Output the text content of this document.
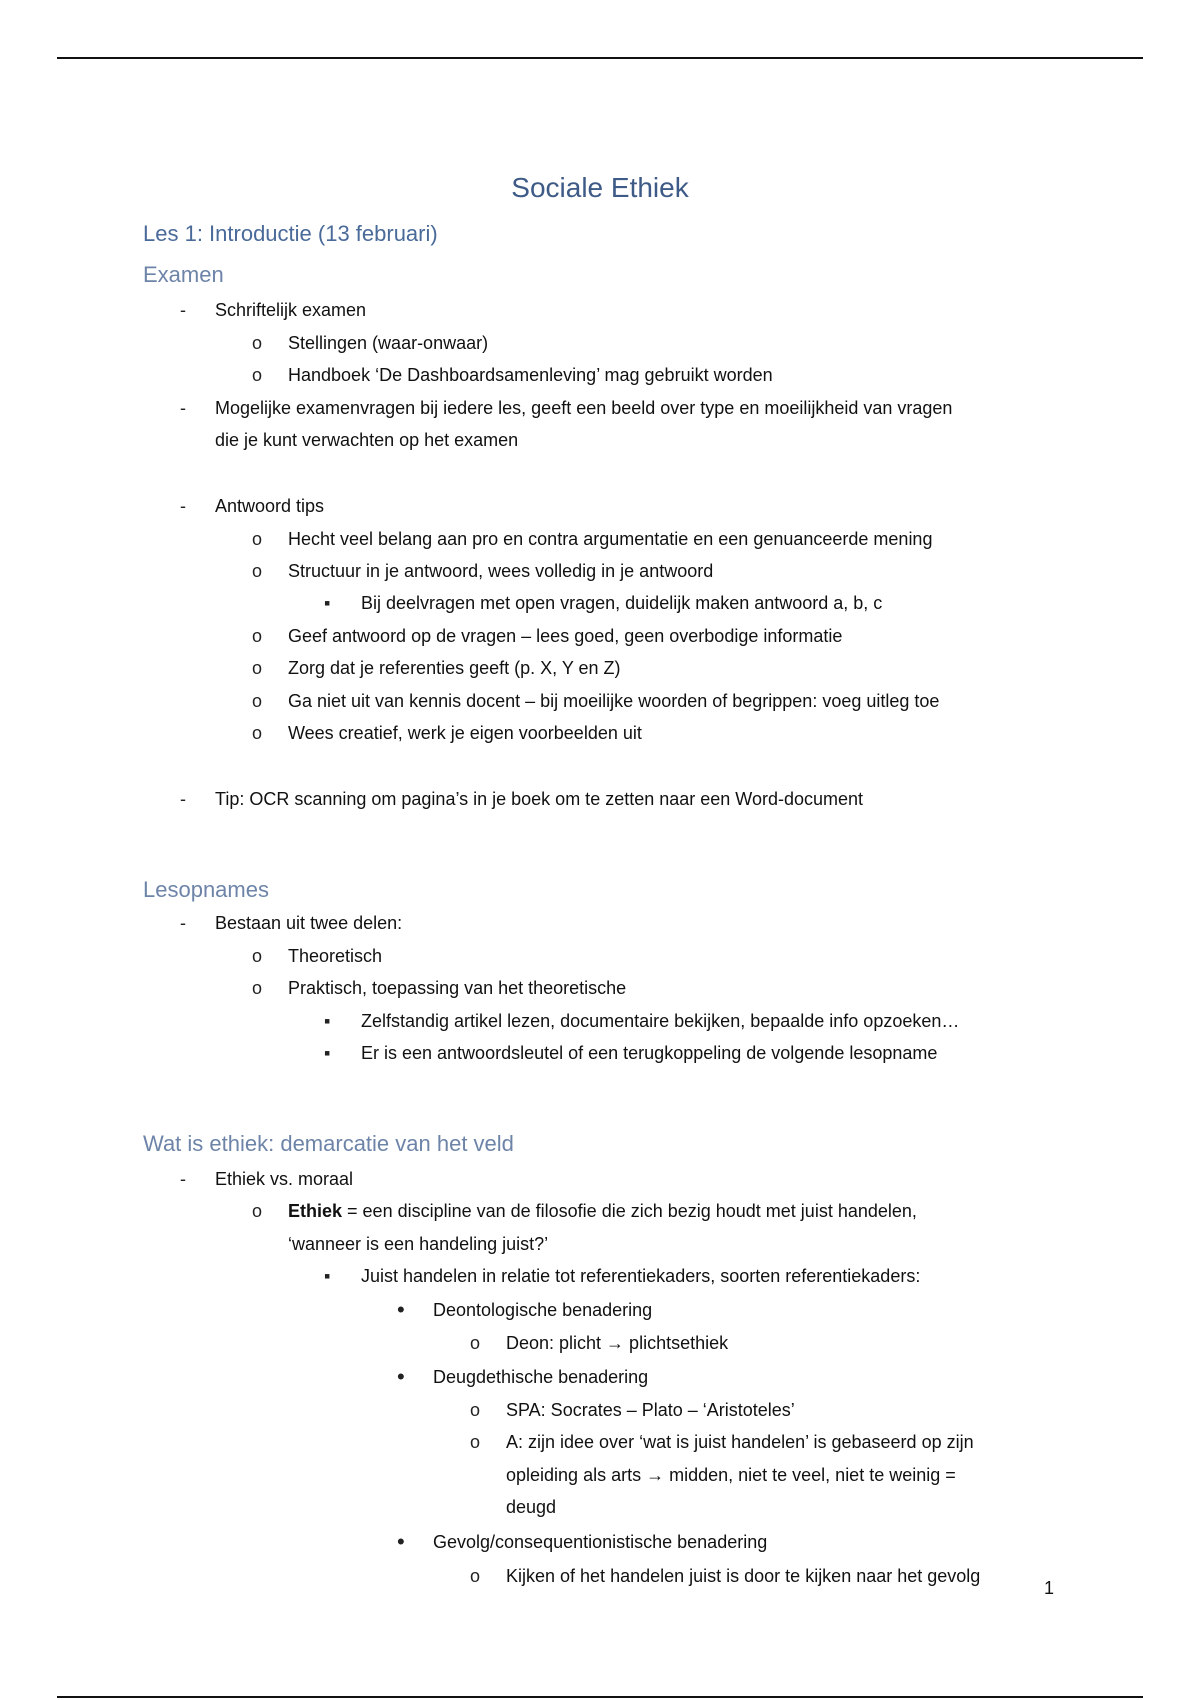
Sociale Ethiek
Les 1: Introductie (13 februari)
Examen
-
Schriftelijk examen
o
Stellingen (waar-onwaar)
o
Handboek ‘De Dashboardsamenleving’ mag gebruikt worden
-
Mogelijke examenvragen bij iedere les, geeft een beeld over type en moeilijkheid van vragen
die je kunt verwachten op het examen
-
Antwoord tips
o
Hecht veel belang aan pro en contra argumentatie en een genuanceerde mening
o
Structuur in je antwoord, wees volledig in je antwoord
▪
Bij deelvragen met open vragen, duidelijk maken antwoord a, b, c
o
Geef antwoord op de vragen – lees goed, geen overbodige informatie
o
Zorg dat je referenties geeft (p. X, Y en Z)
o
Ga niet uit van kennis docent – bij moeilijke woorden of begrippen: voeg uitleg toe
o
Wees creatief, werk je eigen voorbeelden uit
-
Tip: OCR scanning om pagina’s in je boek om te zetten naar een Word-document
Lesopnames
-
Bestaan uit twee delen:
o
Theoretisch
o
Praktisch, toepassing van het theoretische
▪
Zelfstandig artikel lezen, documentaire bekijken, bepaalde info opzoeken…
▪
Er is een antwoordsleutel of een terugkoppeling de volgende lesopname
Wat is ethiek: demarcatie van het veld
-
Ethiek vs. moraal
o
Ethiek = een discipline van de filosofie die zich bezig houdt met juist handelen,
‘wanneer is een handeling juist?’
▪
Juist handelen in relatie tot referentiekaders, soorten referentiekaders:
•
Deontologische benadering
o
Deon: plicht → plichtsethiek
•
Deugdethische benadering
o
SPA: Socrates – Plato – ‘Aristoteles’
o
A: zijn idee over ‘wat is juist handelen’ is gebaseerd op zijn
opleiding als arts → midden, niet te veel, niet te weinig =
deugd
•
Gevolg/consequentionistische benadering
o
Kijken of het handelen juist is door te kijken naar het gevolg
1
